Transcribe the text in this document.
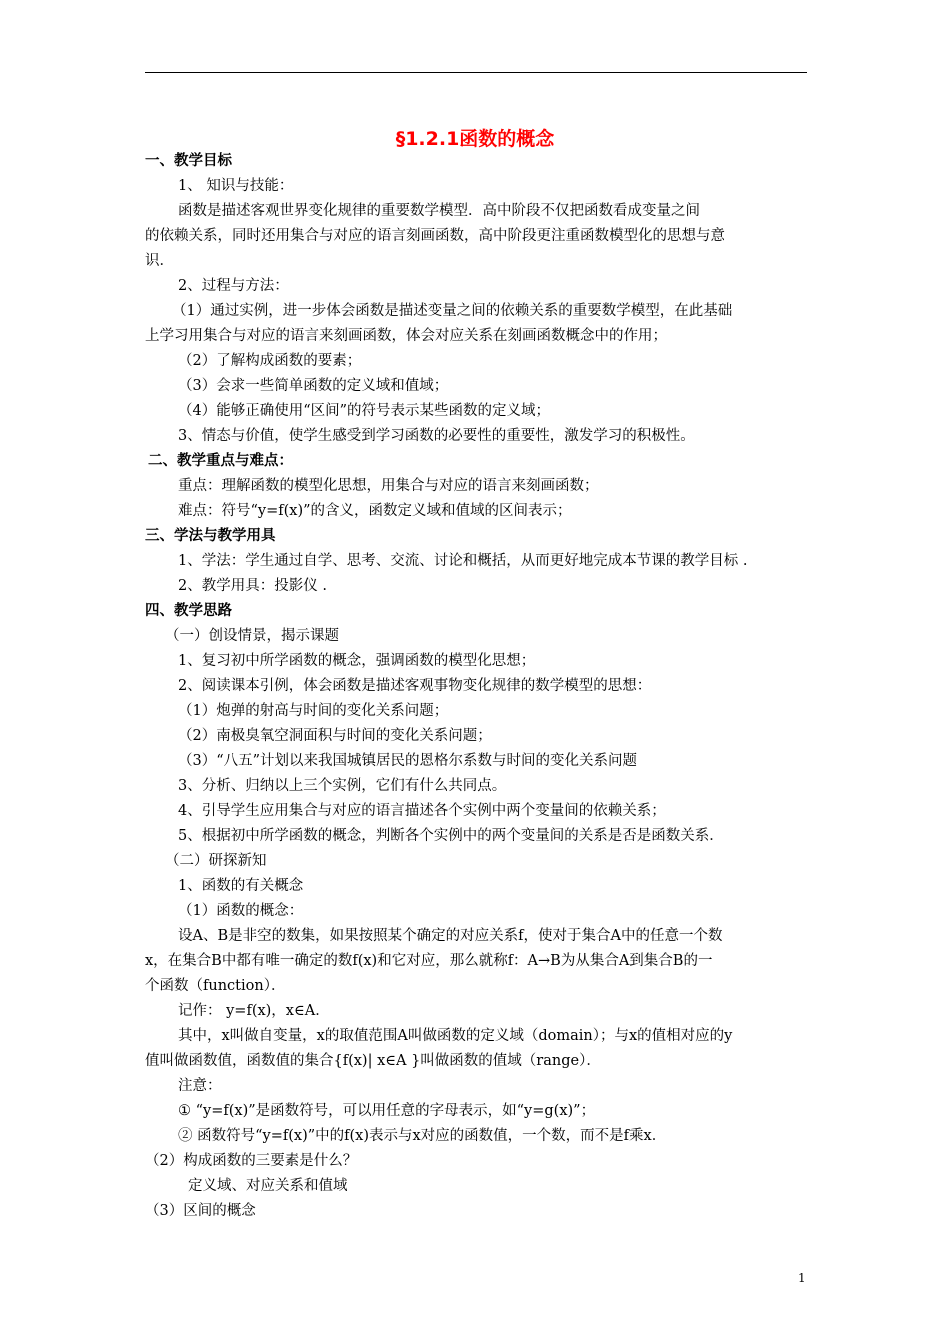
§1.2.1函数的概念
一、教学目标
1、 知识与技能：
函数是描述客观世界变化规律的重要数学模型．高中阶段不仅把函数看成变量之间
的依赖关系，同时还用集合与对应的语言刻画函数，高中阶段更注重函数模型化的思想与意
识．
2、过程与方法：
（1）通过实例，进一步体会函数是描述变量之间的依赖关系的重要数学模型，在此基础
上学习用集合与对应的语言来刻画函数，体会对应关系在刻画函数概念中的作用；
（2）了解构成函数的要素；
（3）会求一些简单函数的定义域和值域；
（4）能够正确使用“区间”的符号表示某些函数的定义域；
3、情态与价值，使学生感受到学习函数的必要性的重要性，激发学习的积极性。
二、教学重点与难点：
重点：理解函数的模型化思想，用集合与对应的语言来刻画函数；
难点：符号“y=f(x)”的含义，函数定义域和值域的区间表示；
三、学法与教学用具
1、学法：学生通过自学、思考、交流、讨论和概括，从而更好地完成本节课的教学目标 .
2、教学用具：投影仪 .
四、教学思路
（一）创设情景，揭示课题
1、复习初中所学函数的概念，强调函数的模型化思想；
2、阅读课本引例，体会函数是描述客观事物变化规律的数学模型的思想：
（1）炮弹的射高与时间的变化关系问题；
（2）南极臭氧空洞面积与时间的变化关系问题；
（3）“八五”计划以来我国城镇居民的恩格尔系数与时间的变化关系问题
3、分析、归纳以上三个实例，它们有什么共同点。
4、引导学生应用集合与对应的语言描述各个实例中两个变量间的依赖关系；
5、根据初中所学函数的概念，判断各个实例中的两个变量间的关系是否是函数关系．
（二）研探新知
1、函数的有关概念
（1）函数的概念：
设A、B是非空的数集，如果按照某个确定的对应关系f，使对于集合A中的任意一个数
x，在集合B中都有唯一确定的数f(x)和它对应，那么就称f：A→B为从集合A到集合B的一
个函数（function）．
记作： y=f(x)，x∈A．
其中，x叫做自变量，x的取值范围A叫做函数的定义域（domain）；与x的值相对应的y
值叫做函数值，函数值的集合{f(x)| x∈A }叫做函数的值域（range）．
注意：
① “y=f(x)”是函数符号，可以用任意的字母表示，如“y=g(x)”；
② 函数符号“y=f(x)”中的f(x)表示与x对应的函数值，一个数，而不是f乘x．
（2）构成函数的三要素是什么？
定义域、对应关系和值域
（3）区间的概念
1
